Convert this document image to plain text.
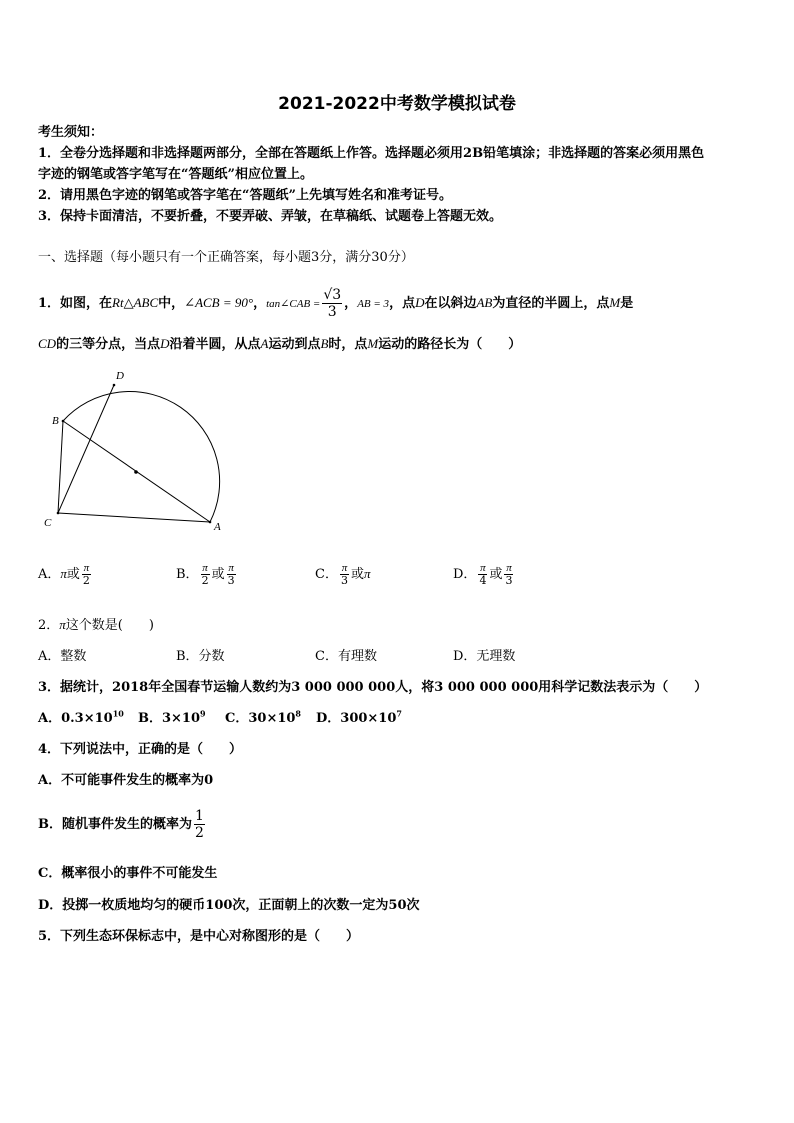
2021-2022中考数学模拟试卷
考生须知：
1．全卷分选择题和非选择题两部分，全部在答题纸上作答。选择题必须用2B铅笔填涂；非选择题的答案必须用黑色
字迹的钢笔或答字笔写在“答题纸”相应位置上。
2．请用黑色字迹的钢笔或答字笔在“答题纸”上先填写姓名和准考证号。
3．保持卡面清洁，不要折叠，不要弄破、弄皱，在草稿纸、试题卷上答题无效。
一、选择题（每小题只有一个正确答案，每小题3分，满分30分）
1．如图，在Rt△ABC中，∠ACB = 90°，tan∠CAB = $\frac{√3}{3}$ ，AB = 3，点D在以斜边AB为直径的半圆上，点M是
CD的三等分点，当点D沿着半圆，从点A运动到点B时，点M运动的路径长为（　　）
D
B
C	A
A．π或 $\frac{\pi}{2}$	B． $\frac{\pi}{2}$ 或 $\frac{\pi}{3}$	C． $\frac{\pi}{3}$ 或π	D． $\frac{\pi}{4}$ 或 $\frac{\pi}{3}$
2．π这个数是(　　)
A．整数	B．分数	C．有理数	D．无理数
3．据统计，2018年全国春节运输人数约为3 000 000 000人，将3 000 000 000用科学记数法表示为（　　）
A．$0.3\times 10^{10}$ B．$3\times 10^9$ C．$30\times 10^8$ D．$300\times 10^7$
4．下列说法中，正确的是（　　）
A．不可能事件发生的概率为0
B．随机事件发生的概率为 $\frac{1}{2}$
C．概率很小的事件不可能发生
D．投掷一枚质地均匀的硬币100次，正面朝上的次数一定为50次
5．下列生态环保标志中，是中心对称图形的是（　　）
